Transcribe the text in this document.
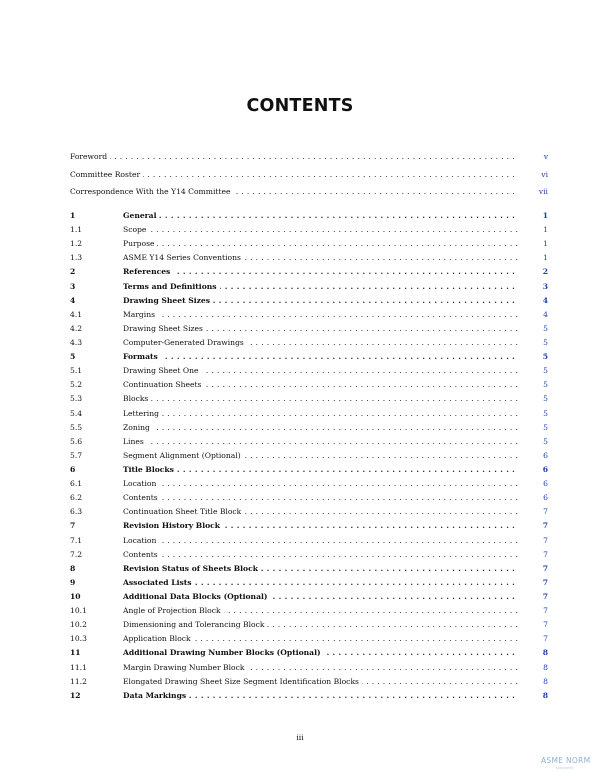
CONTENTS
Foreword . . .	v
Committee Roster . . .	vi
Correspondence With the Y14 Committee . . .	vii
1	General . . .	1
1.1	Scope . . .	1
1.2	Purpose . . .	1
1.3	ASME Y14 Series Conventions . . .	1
2	References . . .	2
3	Terms and Definitions . . .	3
4	Drawing Sheet Sizes . . .	4
4.1	Margins . . .	4
4.2	Drawing Sheet Sizes . . .	5
4.3	Computer-Generated Drawings . . .	5
5	Formats . . .	5
5.1	Drawing Sheet One . . .	5
5.2	Continuation Sheets . . .	5
5.3	Blocks . . .	5
5.4	Lettering . . .	5
5.5	Zoning . . .	5
5.6	Lines . . .	5
5.7	Segment Alignment (Optional) . . .	6
6	Title Blocks . . .	6
6.1	Location . . .	6
6.2	Contents . . .	6
6.3	Continuation Sheet Title Block . . .	7
7	Revision History Block . . .	7
7.1	Location . . .	7
7.2	Contents . . .	7
8	Revision Status of Sheets Block . . .	7
9	Associated Lists . . .	7
10	Additional Data Blocks (Optional) . . .	7
10.1	Angle of Projection Block . . .	7
10.2	Dimensioning and Tolerancing Block . . .	7
10.3	Application Block . . .	7
11	Additional Drawing Number Blocks (Optional) . . .	8
11.1	Margin Drawing Number Block . . .	8
11.2	Elongated Drawing Sheet Size Segment Identification Blocks . . .	8
12	Data Markings . . .	8
iii
ASME NORM
standards
